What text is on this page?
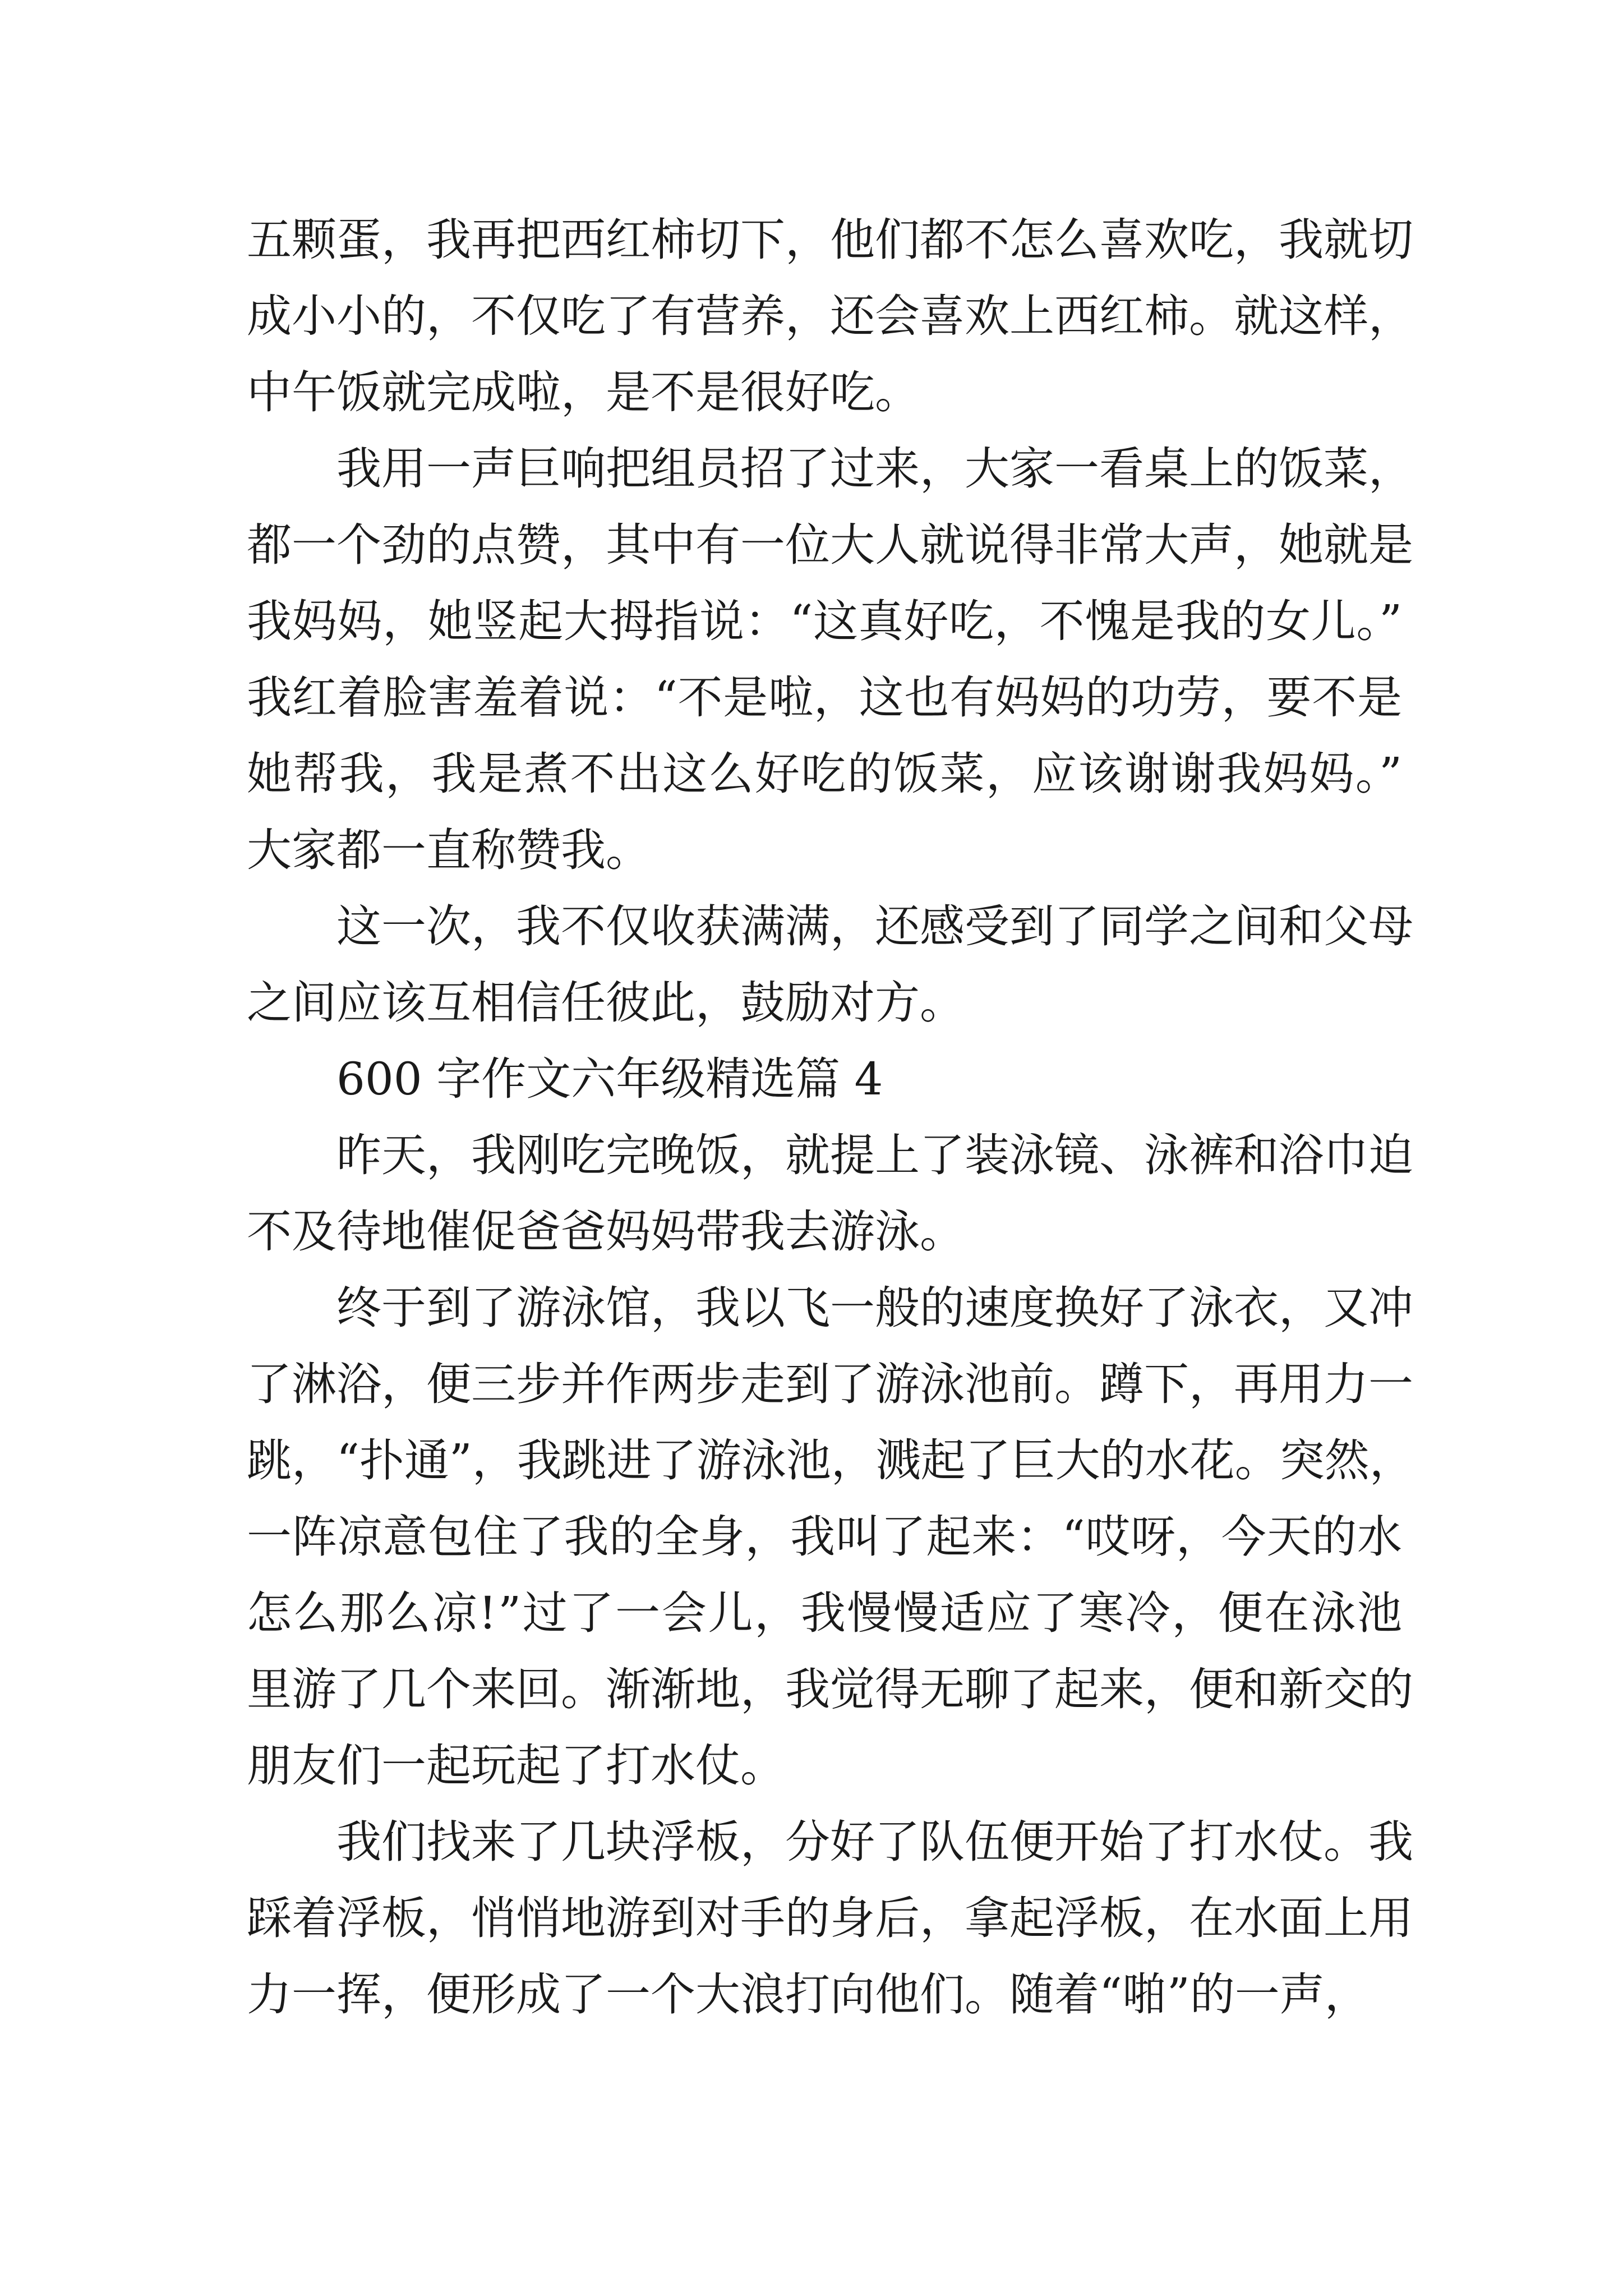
五颗蛋，我再把西红柿切下，他们都不怎么喜欢吃，我就切
成小小的，不仅吃了有营养，还会喜欢上西红柿。就这样，
中午饭就完成啦，是不是很好吃。
我用一声巨响把组员招了过来，大家一看桌上的饭菜，
都一个劲的点赞，其中有一位大人就说得非常大声，她就是
我妈妈，她竖起大拇指说：“这真好吃，不愧是我的女儿。”
我红着脸害羞着说：“不是啦，这也有妈妈的功劳，要不是
她帮我，我是煮不出这么好吃的饭菜，应该谢谢我妈妈。”
大家都一直称赞我。
这一次，我不仅收获满满，还感受到了同学之间和父母
之间应该互相信任彼此，鼓励对方。
600 字作文六年级精选篇 4
昨天，我刚吃完晚饭，就提上了装泳镜、泳裤和浴巾迫
不及待地催促爸爸妈妈带我去游泳。
终于到了游泳馆，我以飞一般的速度换好了泳衣，又冲
了淋浴，便三步并作两步走到了游泳池前。蹲下，再用力一
跳，“扑通”，我跳进了游泳池，溅起了巨大的水花。突然，
一阵凉意包住了我的全身，我叫了起来：“哎呀，今天的水
怎么那么凉!”过了一会儿，我慢慢适应了寒冷，便在泳池
里游了几个来回。渐渐地，我觉得无聊了起来，便和新交的
朋友们一起玩起了打水仗。
我们找来了几块浮板，分好了队伍便开始了打水仗。我
踩着浮板，悄悄地游到对手的身后，拿起浮板，在水面上用
力一挥，便形成了一个大浪打向他们。随着“啪”的一声，
